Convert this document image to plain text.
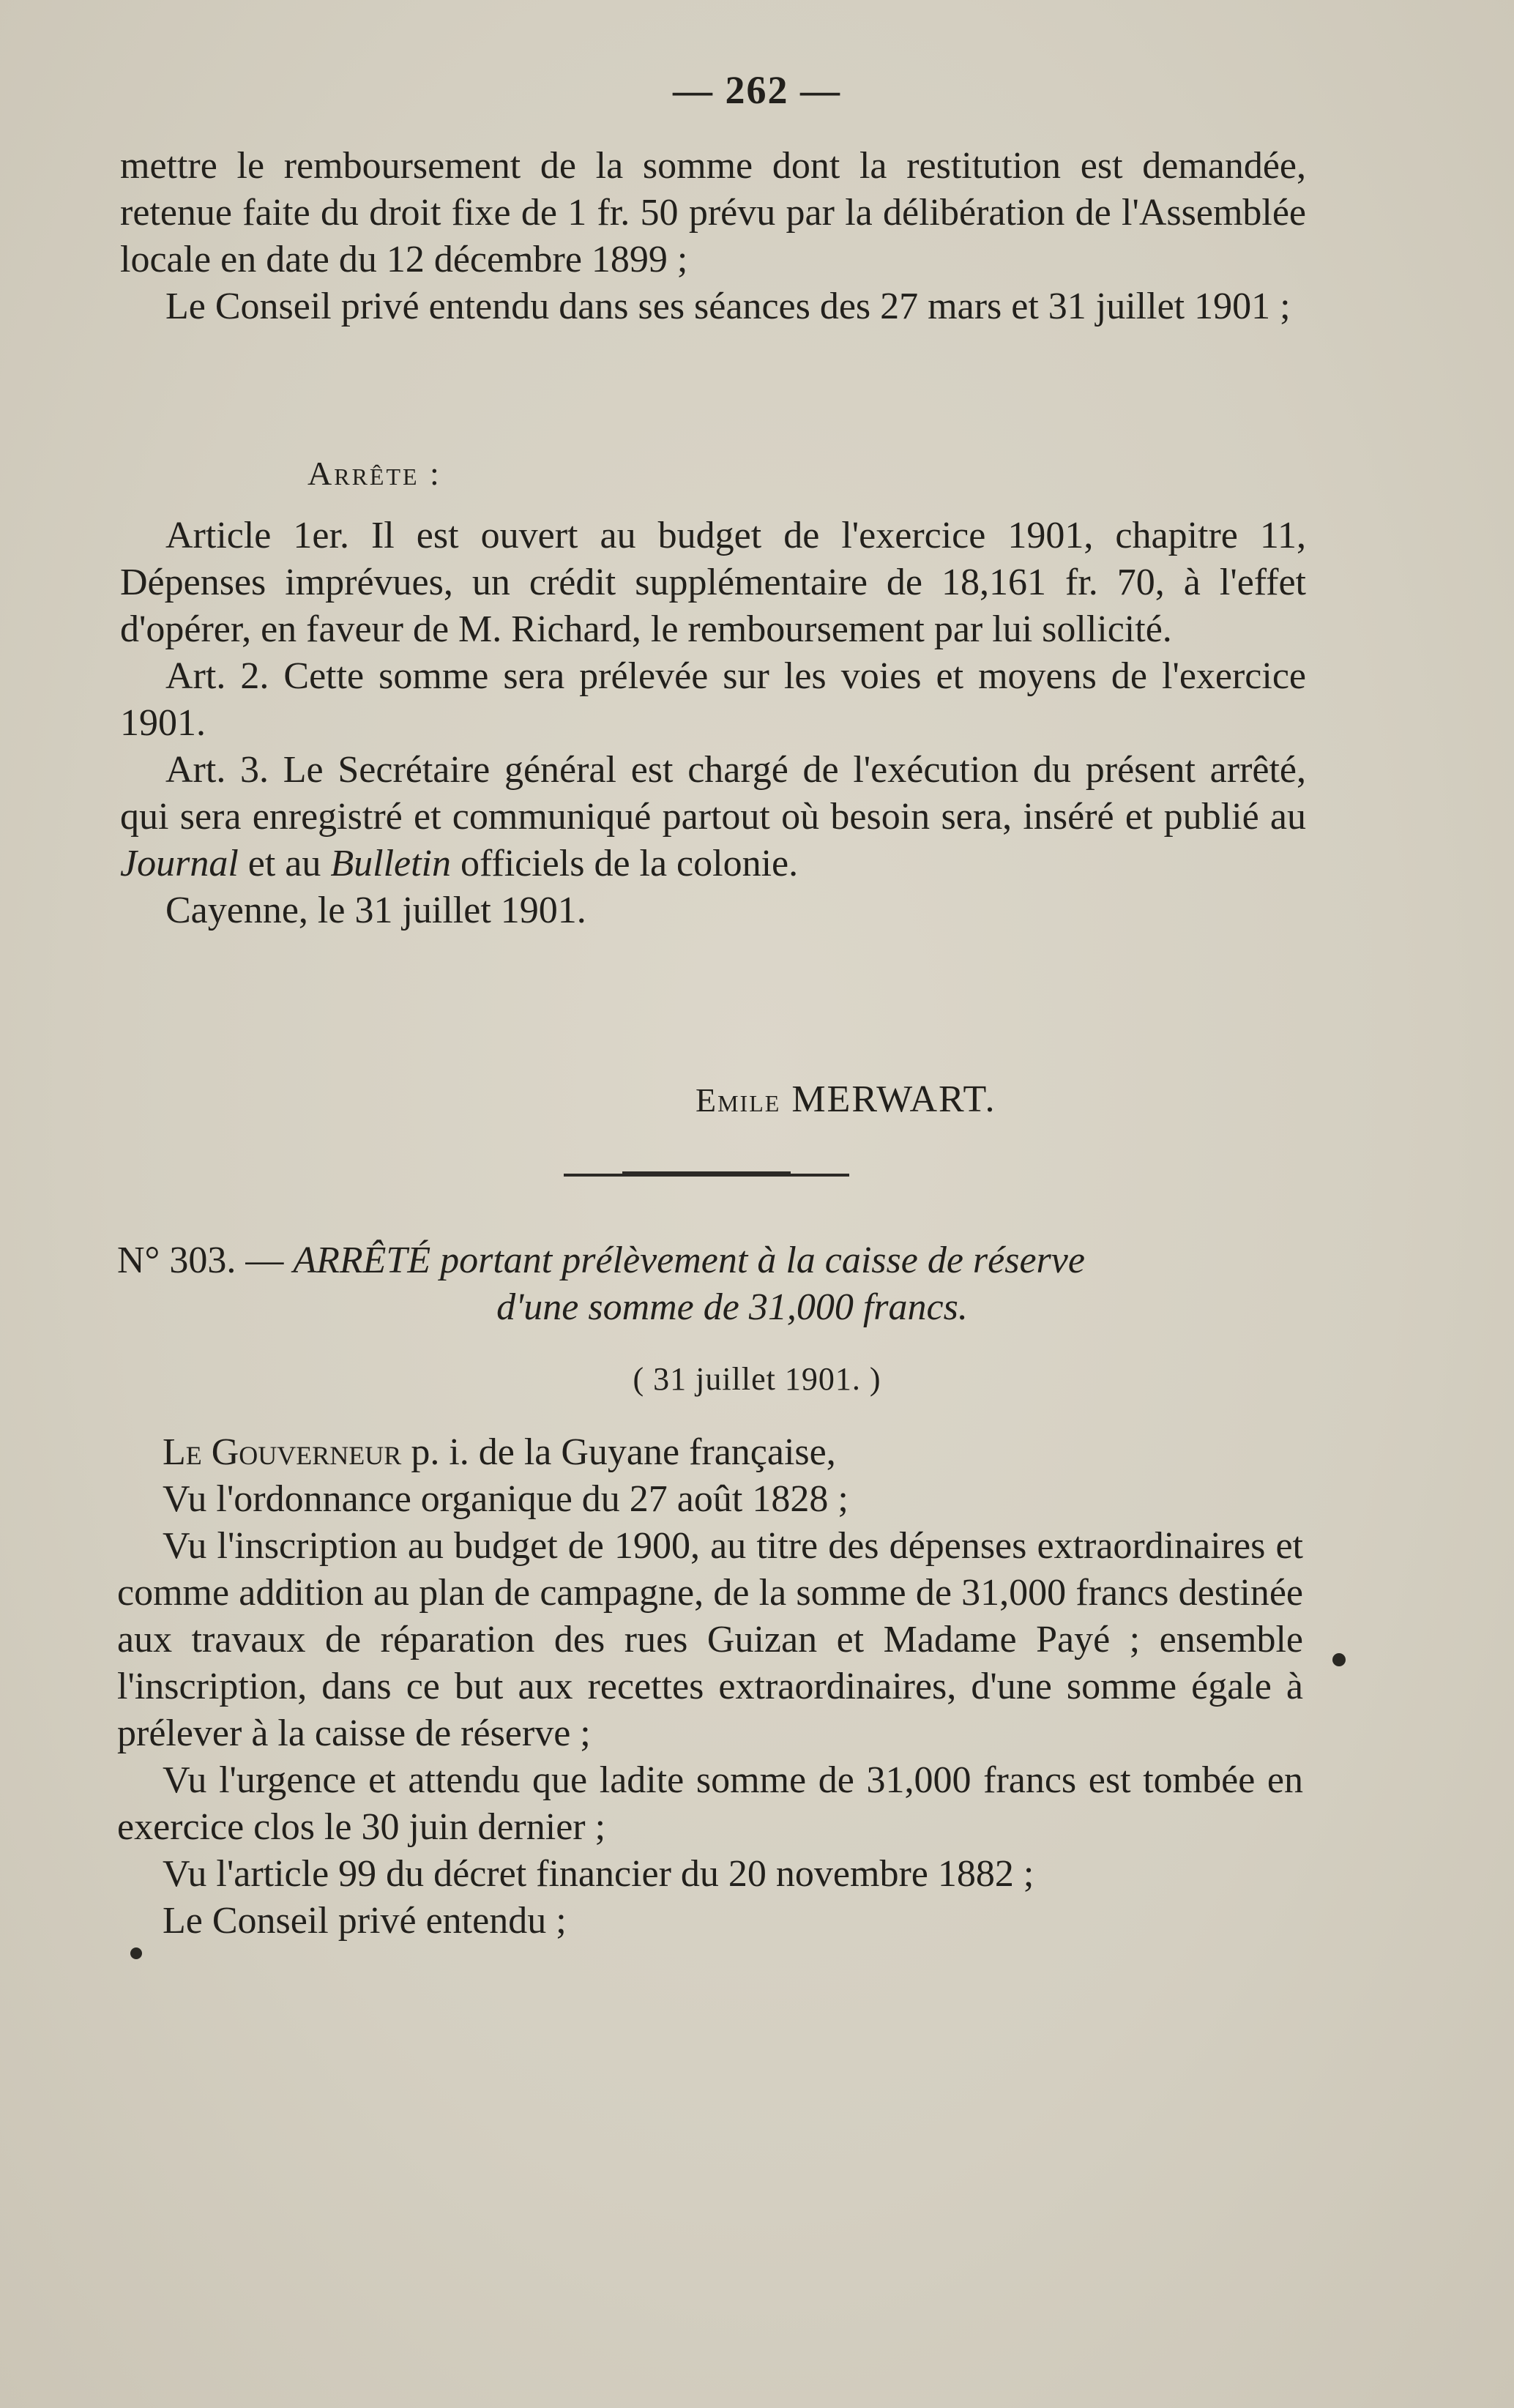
— 262 —

mettre le remboursement de la somme dont la restitution est demandée, retenue faite du droit fixe de 1 fr. 50 prévu par la délibération de l'Assemblée locale en date du 12 décembre 1899 ;

Le Conseil privé entendu dans ses séances des 27 mars et 31 juillet 1901 ;

Arrête :

Article 1er. Il est ouvert au budget de l'exercice 1901, chapitre 11, Dépenses imprévues, un crédit supplémentaire de 18,161 fr. 70, à l'effet d'opérer, en faveur de M. Richard, le remboursement par lui sollicité.

Art. 2. Cette somme sera prélevée sur les voies et moyens de l'exercice 1901.

Art. 3. Le Secrétaire général est chargé de l'exécution du présent arrêté, qui sera enregistré et communiqué partout où besoin sera, inséré et publié au Journal et au Bulletin officiels de la colonie.

Cayenne, le 31 juillet 1901.

Emile MERWART.
N° 303. — ARRÊTÉ portant prélèvement à la caisse de réserve
d'une somme de 31,000 francs.
( 31 juillet 1901. )

Le Gouverneur p. i. de la Guyane française,

Vu l'ordonnance organique du 27 août 1828 ;

Vu l'inscription au budget de 1900, au titre des dépenses extraordinaires et comme addition au plan de campagne, de la somme de 31,000 francs destinée aux travaux de réparation des rues Guizan et Madame Payé ; ensemble l'inscription, dans ce but aux recettes extraordinaires, d'une somme égale à prélever à la caisse de réserve ;

Vu l'urgence et attendu que ladite somme de 31,000 francs est tombée en exercice clos le 30 juin dernier ;

Vu l'article 99 du décret financier du 20 novembre 1882 ;

Le Conseil privé entendu ;
